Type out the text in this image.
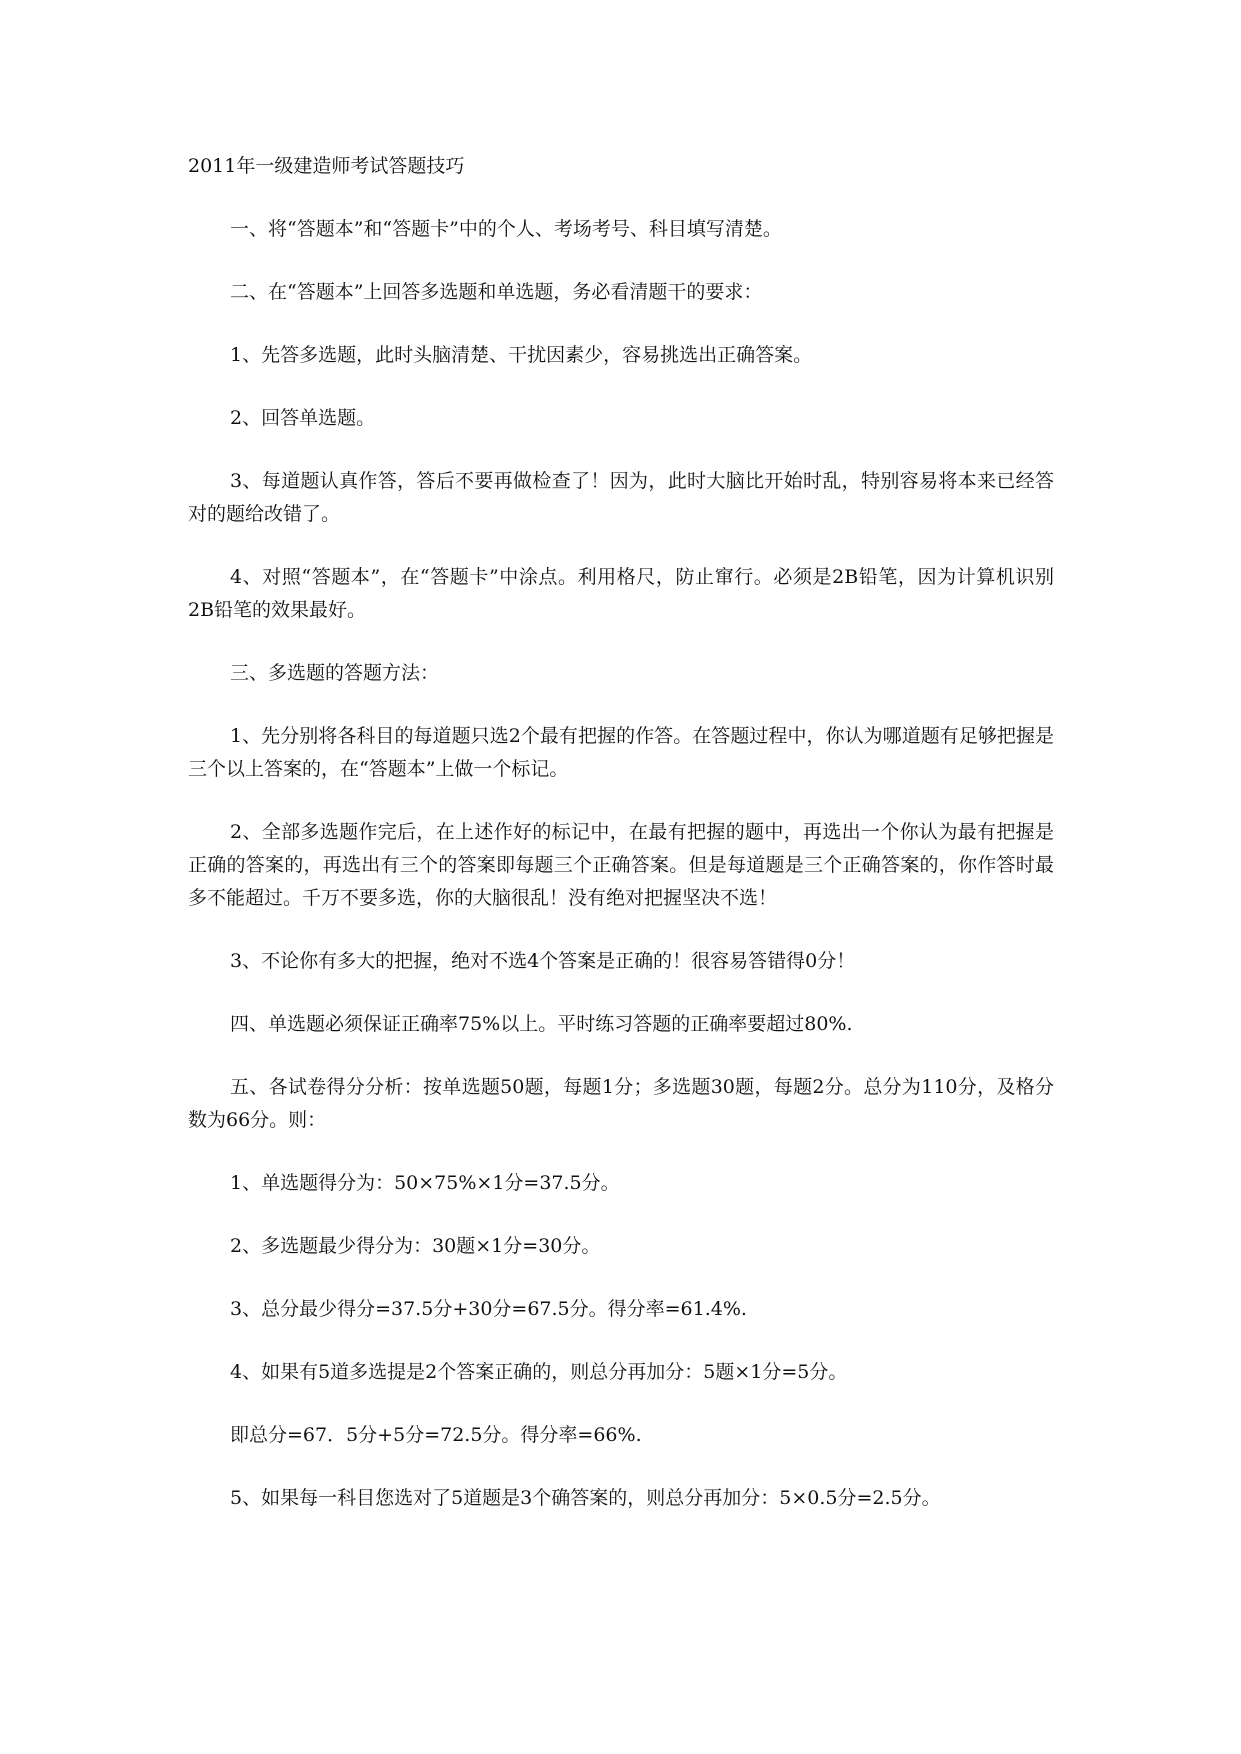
2011年一级建造师考试答题技巧

一、将“答题本”和“答题卡”中的个人、考场考号、科目填写清楚。

二、在“答题本”上回答多选题和单选题，务必看清题干的要求：

1、先答多选题，此时头脑清楚、干扰因素少，容易挑选出正确答案。

2、回答单选题。

3、每道题认真作答，答后不要再做检查了！因为，此时大脑比开始时乱，特别容易将本来已经答对的题给改错了。

4、对照“答题本”，在“答题卡”中涂点。利用格尺，防止窜行。必须是2B铅笔，因为计算机识别2B铅笔的效果最好。

三、多选题的答题方法：

1、先分别将各科目的每道题只选2个最有把握的作答。在答题过程中，你认为哪道题有足够把握是三个以上答案的，在“答题本”上做一个标记。

2、全部多选题作完后，在上述作好的标记中，在最有把握的题中，再选出一个你认为最有把握是正确的答案的，再选出有三个的答案即每题三个正确答案。但是每道题是三个正确答案的，你作答时最多不能超过。千万不要多选，你的大脑很乱！没有绝对把握坚决不选！

3、不论你有多大的把握，绝对不选4个答案是正确的！很容易答错得0分！

四、单选题必须保证正确率75%以上。平时练习答题的正确率要超过80%.

五、各试卷得分分析：按单选题50题，每题1分；多选题30题，每题2分。总分为110分，及格分数为66分。则：

1、单选题得分为：50×75%×1分=37.5分。

2、多选题最少得分为：30题×1分=30分。

3、总分最少得分=37.5分+30分=67.5分。得分率=61.4%.

4、如果有5道多选提是2个答案正确的，则总分再加分：5题×1分=5分。

即总分=67．5分+5分=72.5分。得分率=66%.

5、如果每一科目您选对了5道题是3个确答案的，则总分再加分：5×0.5分=2.5分。
